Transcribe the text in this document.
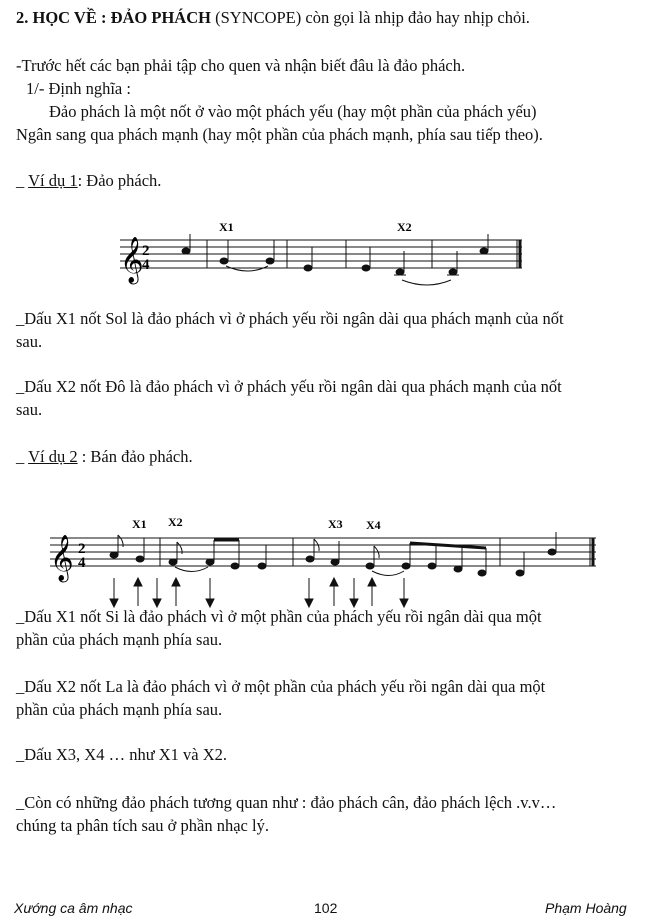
2. HỌC VỀ : ĐẢO PHÁCH (SYNCOPE) còn gọi là nhịp đảo hay nhịp chỏi.
-Trước hết các bạn phải tập cho quen và nhận biết đâu là đảo phách.
1/- Định nghĩa :
Đảo phách là một nốt ở vào một phách yếu (hay một phần của phách yếu)
Ngân sang qua phách mạnh (hay một phần của phách mạnh, phía sau tiếp theo).
_ Ví dụ 1: Đảo phách.
𝄞
2
4
X1	X2
_Dấu X1 nốt Sol là đảo phách vì ở phách yếu rồi ngân dài qua phách mạnh của nốt
sau.
_Dấu X2 nốt Đô là đảo phách vì ở phách yếu rồi ngân dài qua phách mạnh của nốt
sau.
_ Ví dụ 2 : Bán đảo phách.
𝄞 2
4
X1 X2	X3 X4
_Dấu X1 nốt Si là đảo phách vì ở một phần của phách yếu rồi ngân dài qua một
phần của phách mạnh phía sau.
_Dấu X2 nốt La là đảo phách vì ở một phần của phách yếu rồi ngân dài qua một
phần của phách mạnh phía sau.
_Dấu X3, X4 … như X1 và X2.
_Còn có những đảo phách tương quan như : đảo phách cân, đảo phách lệch .v.v…
chúng ta phân tích sau ở phần nhạc lý.
Xướng ca âm nhạc	102	Phạm Hoàng
